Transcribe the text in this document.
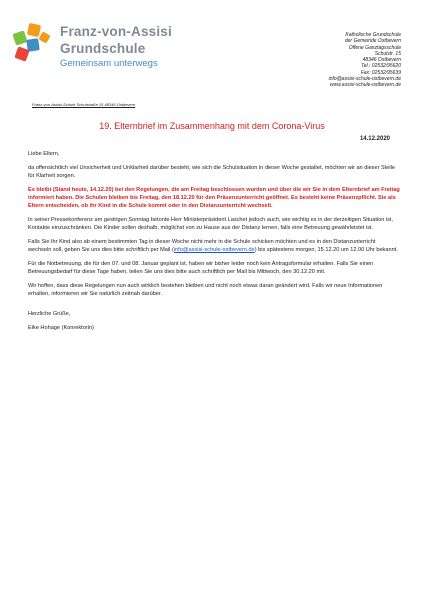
Franz-von-Assisi
Grundschule
Gemeinsam unterwegs
Katholische Grundschule
der Gemeinde Ostbevern
Offene Ganztagsschule
Schulstr. 15
48346 Ostbevern
Tel.: 02532/95620
Fax: 02532/95639
info@assisi-schule-ostbevern.de
www.assisi-schule-ostbevern.de
Franz-von-Assisi-Schule Schulstraße 15 48346 Ostbevern
19. Elternbrief im Zusammenhang mit dem Corona-Virus
14.12.2020

Liebe Eltern,

da offensichtlich viel Unsicherheit und Unklarheit darüber besteht, wie sich die Schulsituation in dieser Woche gestaltet, möchten wir an dieser Stelle für Klarheit sorgen.

Es bleibt (Stand heute, 14.12.20) bei den Regelungen, die am Freitag beschlossen wurden und über die wir Sie in dem Elternbrief am Freitag informiert haben. Die Schulen bleiben bis Freitag, den 18.12.20 für den Präsenzunterricht geöffnet. Es besteht keine Präsenzpflicht. Sie als Eltern entscheiden, ob ihr Kind in die Schule kommt oder in den Distanzunterricht wechselt.

In seiner Pressekonferenz am gestrigen Sonntag betonte Herr Ministerpräsident Laschet jedoch auch, wie wichtig es in der derzeitigen Situation ist, Kontakte einzuschränken. Die Kinder sollen deshalb, möglichst von zu Hause aus der Distanz lernen, falls eine Betreuung gewährleistet ist.

Falls Sie Ihr Kind also ab einem bestimmten Tag in dieser Woche nicht mehr in die Schule schicken möchten und es in den Distanzunterricht wechseln soll, geben Sie uns dies bitte schriftlich per Mail (info@assisi-schule-ostbevern.de) bis spätestens morgen, 15.12.20 um 12.00 Uhr bekannt.

Für die Notbetreuung, die für den 07. und 08. Januar geplant ist, haben wir bisher leider noch kein Antragsformular erhalten. Falls Sie einen Betreuungsbedarf für diese Tage haben, teilen Sie uns dies bitte auch schriftlich per Mail bis Mittwoch, den 30.12.20 mit.

Wir hoffen, dass diese Regelungen nun auch wirklich bestehen bleiben und nicht noch etwas daran geändert wird. Falls wir neue Informationen erhalten, informieren wir Sie natürlich zeitnah darüber.

Herzliche Grüße,

Eike Hohage (Konrektorin)
